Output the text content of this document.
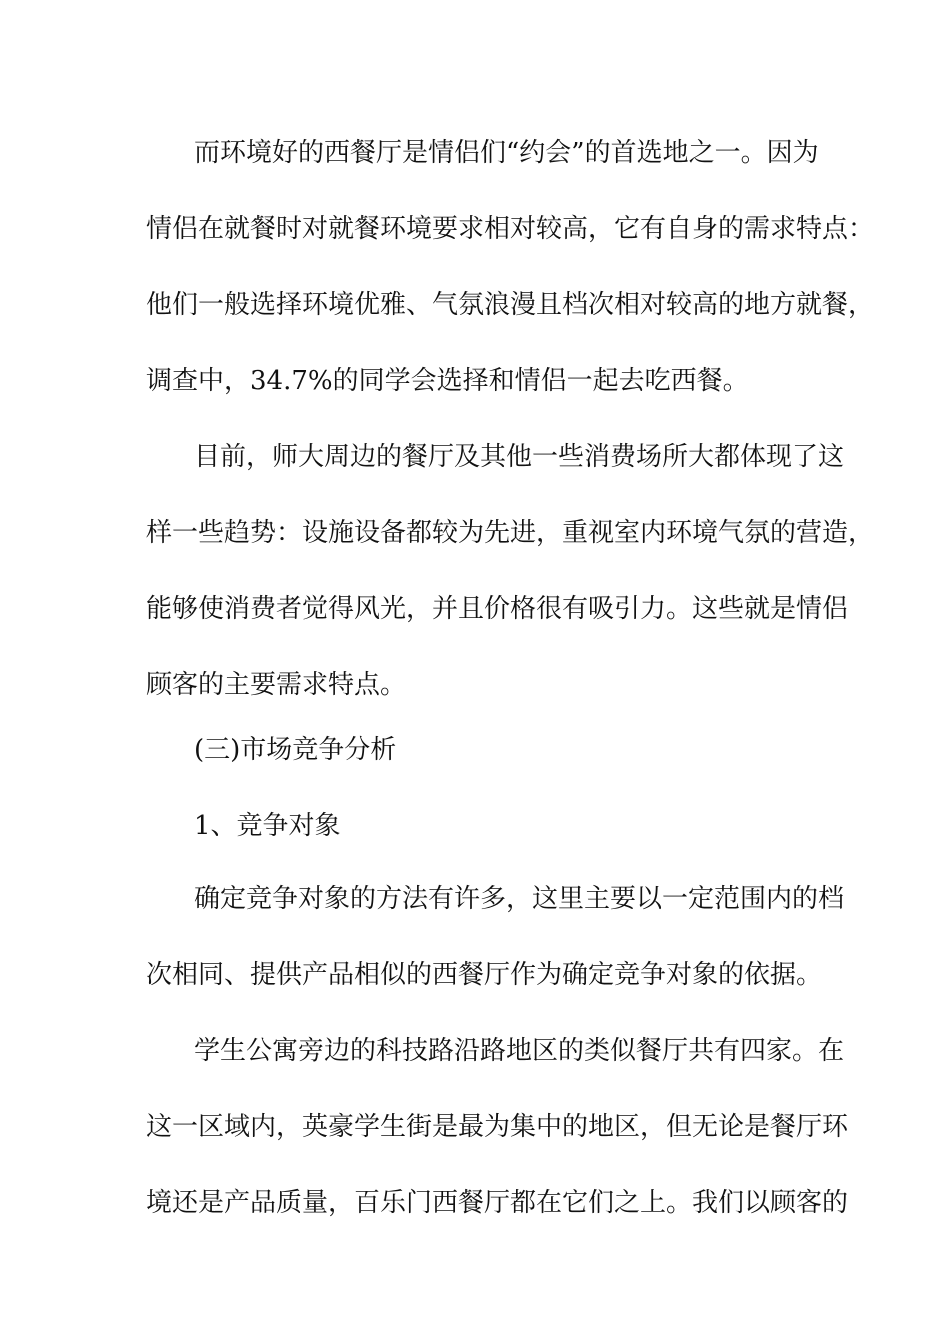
而环境好的西餐厅是情侣们“约会”的首选地之一。因为
情侣在就餐时对就餐环境要求相对较高，它有自身的需求特点：
他们一般选择环境优雅、气氛浪漫且档次相对较高的地方就餐，
调查中，34.7%的同学会选择和情侣一起去吃西餐。
目前，师大周边的餐厅及其他一些消费场所大都体现了这
样一些趋势：设施设备都较为先进，重视室内环境气氛的营造，
能够使消费者觉得风光，并且价格很有吸引力。这些就是情侣
顾客的主要需求特点。
(三)市场竞争分析
1、竞争对象
确定竞争对象的方法有许多，这里主要以一定范围内的档
次相同、提供产品相似的西餐厅作为确定竞争对象的依据。
学生公寓旁边的科技路沿路地区的类似餐厅共有四家。在
这一区域内，英豪学生街是最为集中的地区，但无论是餐厅环
境还是产品质量，百乐门西餐厅都在它们之上。我们以顾客的
